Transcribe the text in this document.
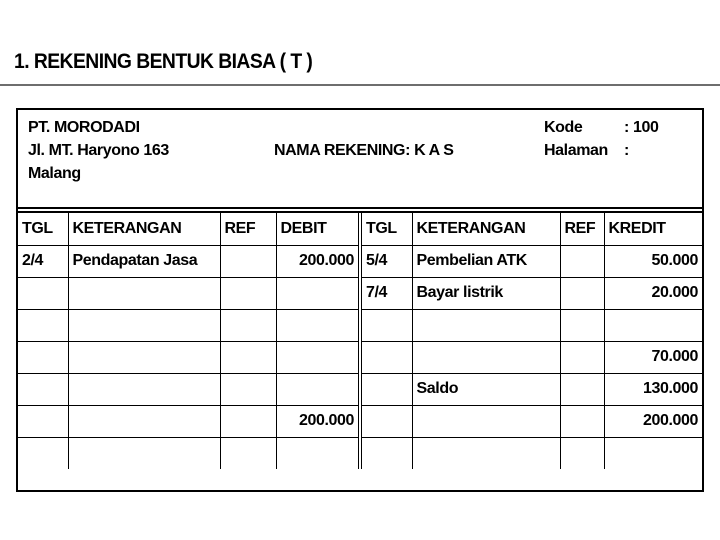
1. REKENING BENTUK BIASA ( T )
PT. MORODADI
Jl. MT. Haryono 163
Malang
NAMA REKENING: K A S
Kode	: 100
Halaman	:
TGL	KETERANGAN	REF	DEBIT	TGL	KETERANGAN	REF	KREDIT
2/4	Pendapatan Jasa		200.000	5/4	Pembelian ATK		50.000
				7/4	Bayar listrik		20.000

							70.000
					Saldo		130.000
			200.000				200.000
